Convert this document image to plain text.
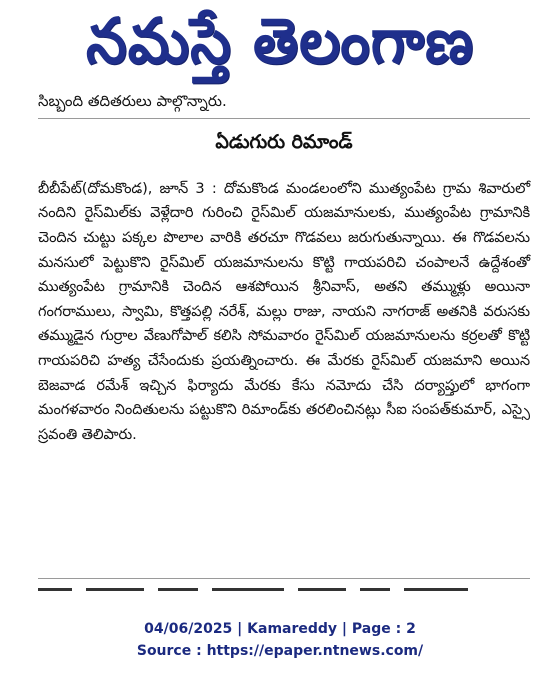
నమస్తే తెలంగాణ

సిబ్బంది తదితరులు పాల్గొన్నారు.

ఏడుగురు రిమాండ్

బీబీపేట్(దోమకొండ), జూన్ 3 : దోమకొండ మండలంలోని ముత్యంపేట గ్రామ శివారులో నందిని రైస్‌మిల్‌కు వెళ్లేదారి గురించి రైస్‌మిల్ యజమానులకు, ముత్యంపేట గ్రామానికి చెందిన చుట్టు పక్కల పొలాల వారికి తరచూ గొడవలు జరుగుతున్నాయి. ఈ గొడవలను మనసులో పెట్టుకొని రైస్‌మిల్ యజమానులను కొట్టి గాయపరిచి చంపాలనే ఉద్దేశంతో ముత్యంపేట గ్రామానికి చెందిన ఆశపోయిన శ్రీనివాస్, అతని తమ్ముళ్లు అయినా గంగరాములు, స్వామి, కొత్తపల్లి నరేశ్, మల్లు రాజు, నాయని నాగరాజ్ అతనికి వరుసకు తమ్ముడైన గుర్రాల వేణుగోపాల్ కలిసి సోమవారం రైస్‌మిల్ యజమానులను కర్రలతో కొట్టి గాయపరిచి హత్య చేసేందుకు ప్రయత్నించారు. ఈ మేరకు రైస్‌మిల్ యజమాని అయిన బెజవాడ రమేశ్ ఇచ్చిన ఫిర్యాదు మేరకు కేసు నమోదు చేసి దర్యాప్తులో భాగంగా మంగళవారం నిందితులను పట్టుకొని రిమాండ్‌కు తరలించినట్లు సీఐ సంపత్‌కుమార్, ఎస్సై స్రవంతి తెలిపారు.

04/06/2025 | Kamareddy | Page : 2
Source : https://epaper.ntnews.com/
